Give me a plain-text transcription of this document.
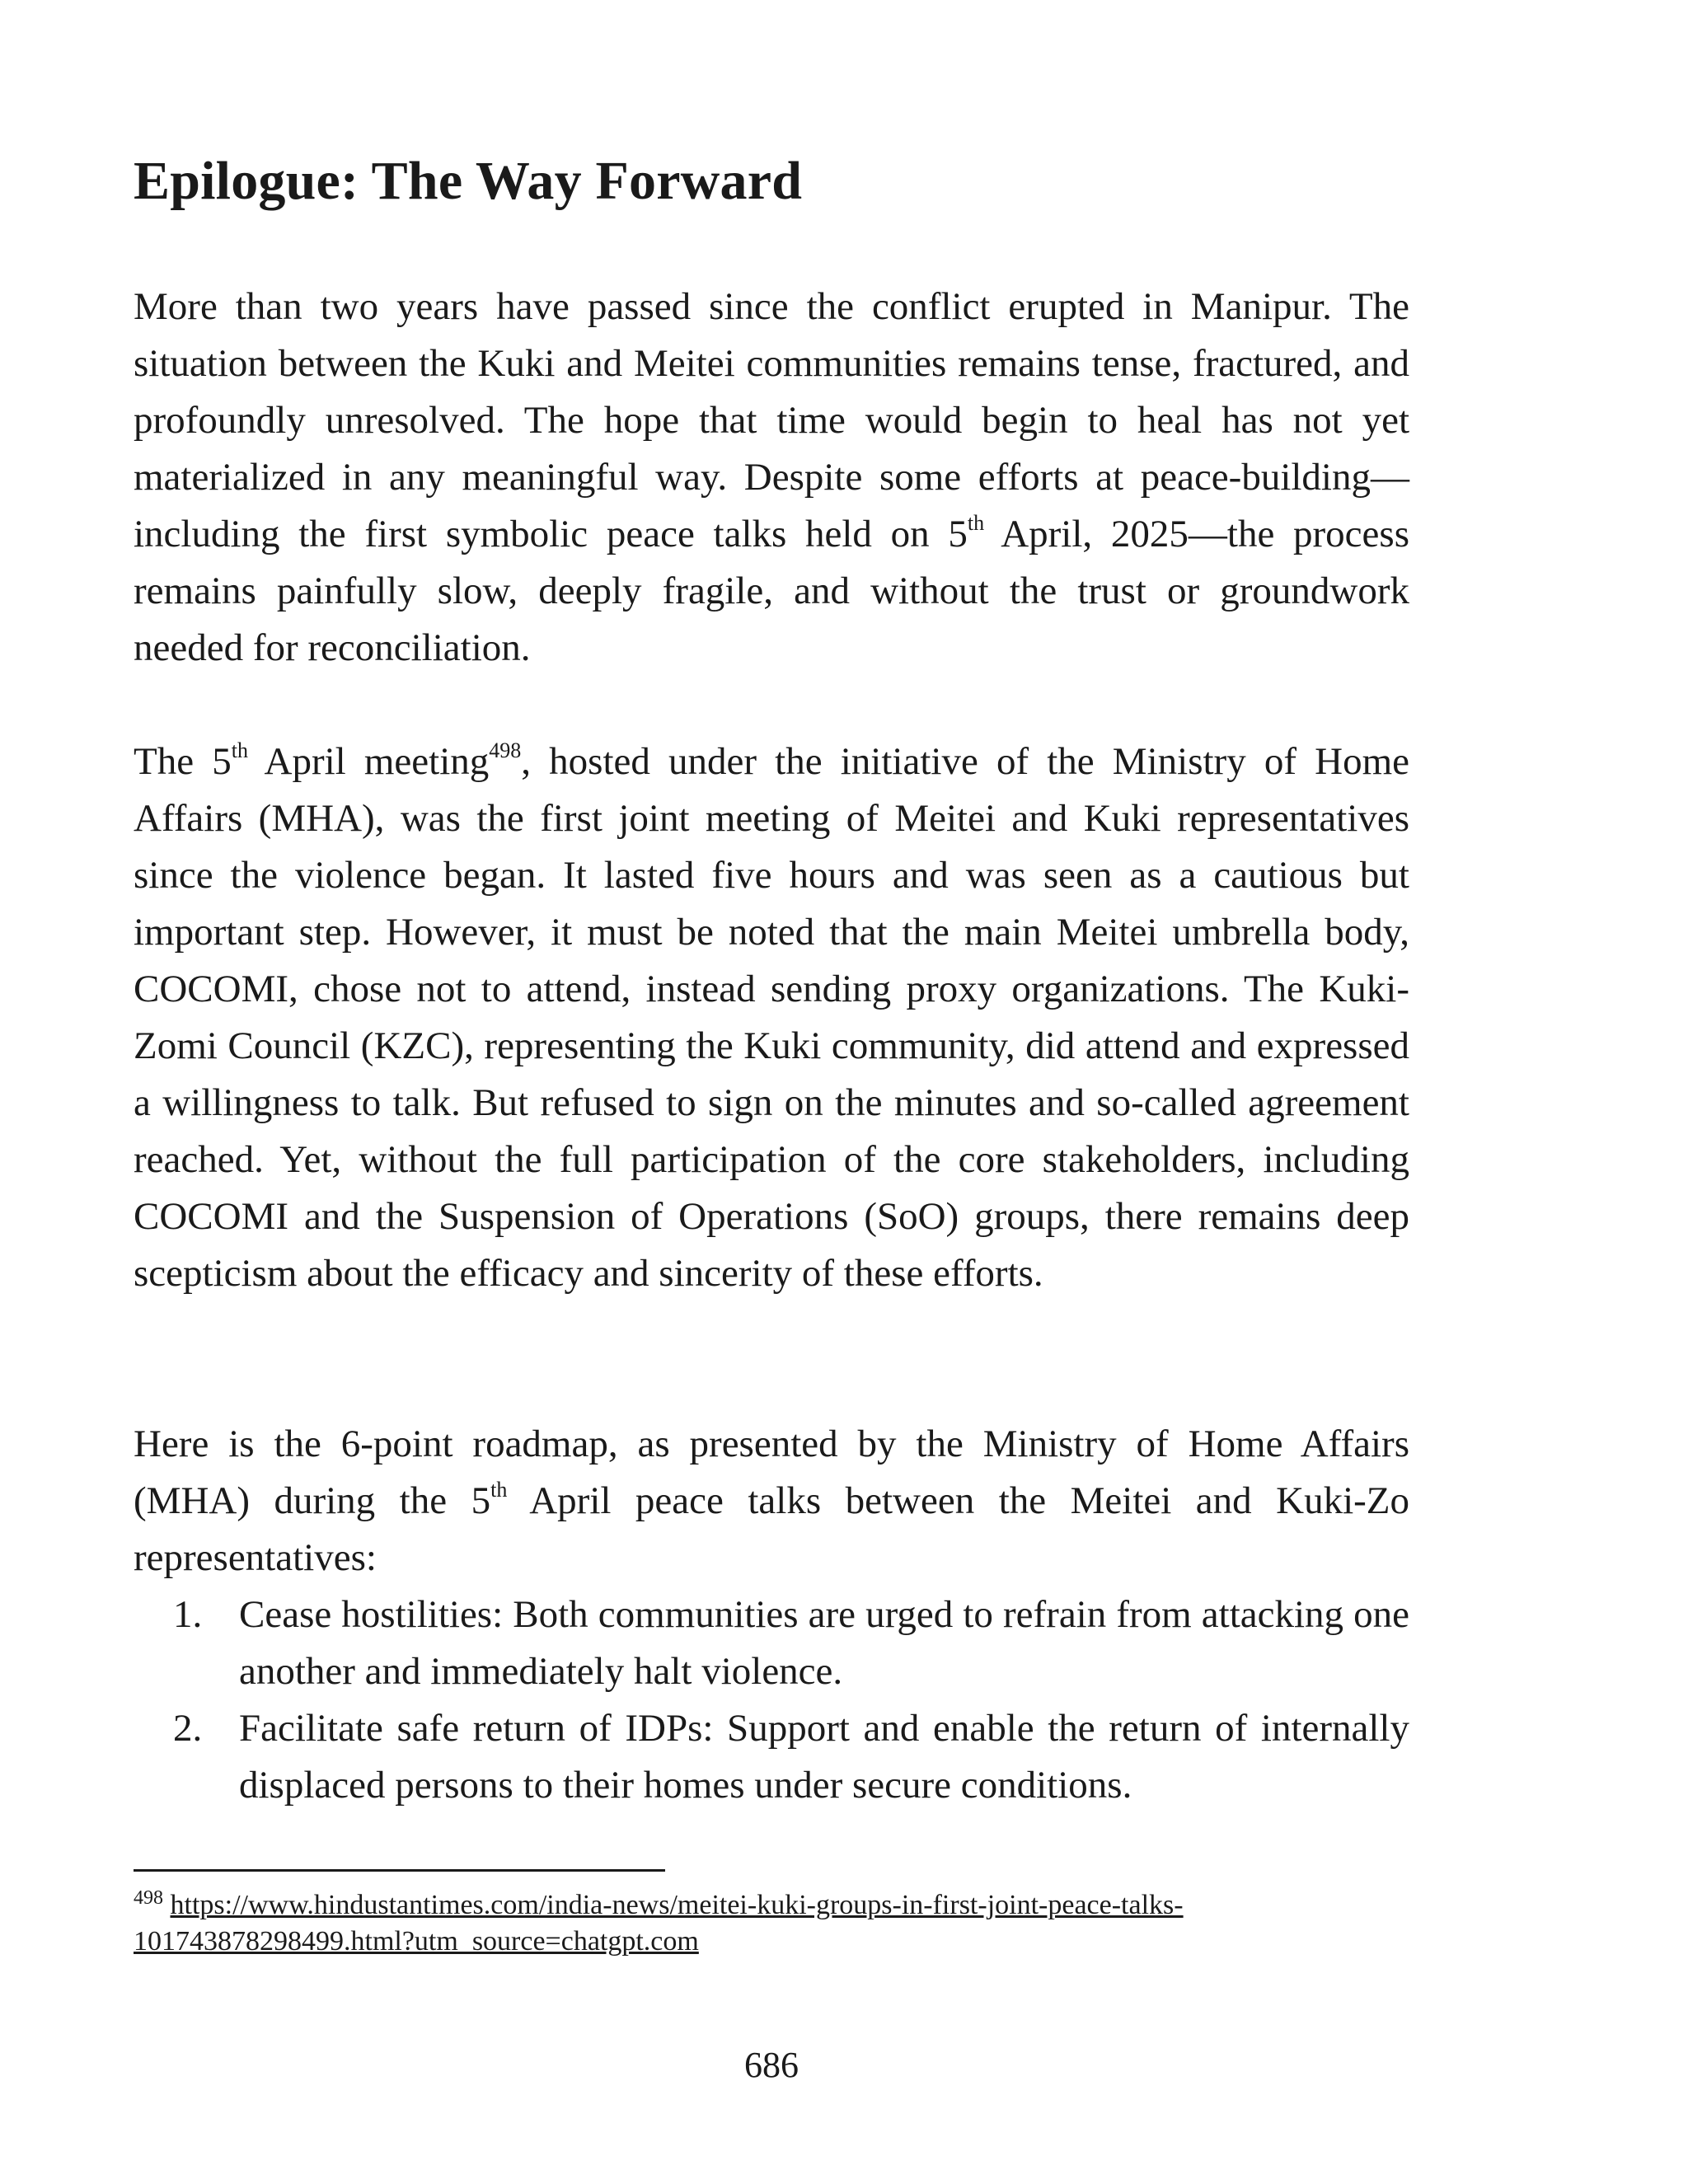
Epilogue: The Way Forward

More than two years have passed since the conflict erupted in Manipur. The situation between the Kuki and Meitei communities remains tense, fractured, and profoundly unresolved. The hope that time would begin to heal has not yet materialized in any meaningful way. Despite some efforts at peace-building—including the first symbolic peace talks held on 5th April, 2025—the process remains painfully slow, deeply fragile, and without the trust or groundwork needed for reconciliation.

The 5th April meeting$^{498}$, hosted under the initiative of the Ministry of Home Affairs (MHA), was the first joint meeting of Meitei and Kuki representatives since the violence began. It lasted five hours and was seen as a cautious but important step. However, it must be noted that the main Meitei umbrella body, COCOMI, chose not to attend, instead sending proxy organizations. The Kuki-Zomi Council (KZC), representing the Kuki community, did attend and expressed a willingness to talk. But refused to sign on the minutes and so-called agreement reached. Yet, without the full participation of the core stakeholders, including COCOMI and the Suspension of Operations (SoO) groups, there remains deep scepticism about the efficacy and sincerity of these efforts.

Here is the 6-point roadmap, as presented by the Ministry of Home Affairs (MHA) during the 5th April peace talks between the Meitei and Kuki-Zo representatives:

1. Cease hostilities: Both communities are urged to refrain from attacking one another and immediately halt violence.
2. Facilitate safe return of IDPs: Support and enable the return of internally displaced persons to their homes under secure conditions.
$^{498}$ https://www.hindustantimes.com/india-news/meitei-kuki-groups-in-first-joint-peace-talks-101743878298499.html?utm_source=chatgpt.com
686
